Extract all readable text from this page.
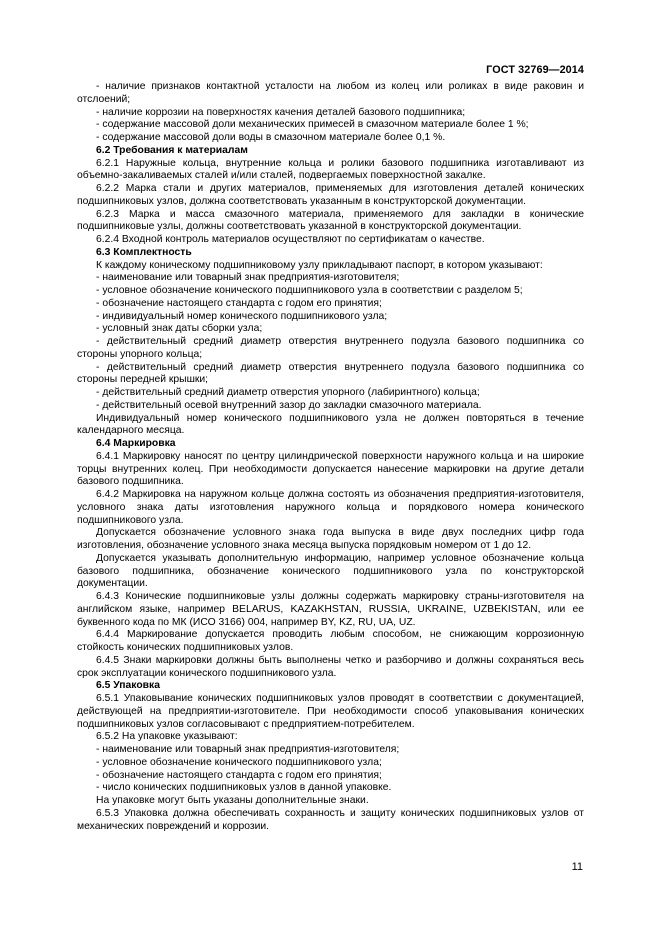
ГОСТ 32769—2014

- наличие признаков контактной усталости на любом из колец или роликах в виде раковин и отслоений;

- наличие коррозии на поверхностях качения деталей базового подшипника;

- содержание массовой доли механических примесей в смазочном материале более 1 %;

- содержание массовой доли воды в смазочном материале более 0,1 %.

6.2 Требования к материалам

6.2.1 Наружные кольца, внутренние кольца и ролики базового подшипника изготавливают из объемно-закаливаемых сталей и/или сталей, подвергаемых поверхностной закалке.

6.2.2 Марка стали и других материалов, применяемых для изготовления деталей конических подшипниковых узлов, должна соответствовать указанным в конструкторской документации.

6.2.3 Марка и масса смазочного материала, применяемого для закладки в конические подшипниковые узлы, должны соответствовать указанной в конструкторской документации.

6.2.4 Входной контроль материалов осуществляют по сертификатам о качестве.

6.3 Комплектность

К каждому коническому подшипниковому узлу прикладывают паспорт, в котором указывают:

- наименование или товарный знак предприятия-изготовителя;

- условное обозначение конического подшипникового узла в соответствии с разделом 5;

- обозначение настоящего стандарта с годом его принятия;

- индивидуальный номер конического подшипникового узла;

- условный знак даты сборки узла;

- действительный средний диаметр отверстия внутреннего подузла базового подшипника со стороны упорного кольца;

- действительный средний диаметр отверстия внутреннего подузла базового подшипника со стороны передней крышки;

- действительный средний диаметр отверстия упорного (лабиринтного) кольца;

- действительный осевой внутренний зазор до закладки смазочного материала.

Индивидуальный номер конического подшипникового узла не должен повторяться в течение календарного месяца.

6.4 Маркировка

6.4.1 Маркировку наносят по центру цилиндрической поверхности наружного кольца и на широкие торцы внутренних колец. При необходимости допускается нанесение маркировки на другие детали базового подшипника.

6.4.2 Маркировка на наружном кольце должна состоять из обозначения предприятия-изготовителя, условного знака даты изготовления наружного кольца и порядкового номера конического подшипникового узла.

Допускается обозначение условного знака года выпуска в виде двух последних цифр года изготовления, обозначение условного знака месяца выпуска порядковым номером от 1 до 12.

Допускается указывать дополнительную информацию, например условное обозначение кольца базового подшипника, обозначение конического подшипникового узла по конструкторской документации.

6.4.3 Конические подшипниковые узлы должны содержать маркировку страны-изготовителя на английском языке, например BELARUS, KAZAKHSTAN, RUSSIA, UKRAINE, UZBEKISTAN, или ее буквенного кода по МК (ИСО 3166) 004, например BY, KZ, RU, UA, UZ.

6.4.4 Маркирование допускается проводить любым способом, не снижающим коррозионную стойкость конических подшипниковых узлов.

6.4.5 Знаки маркировки должны быть выполнены четко и разборчиво и должны сохраняться весь срок эксплуатации конического подшипникового узла.

6.5 Упаковка

6.5.1 Упаковывание конических подшипниковых узлов проводят в соответствии с документацией, действующей на предприятии-изготовителе. При необходимости способ упаковывания конических подшипниковых узлов согласовывают с предприятием-потребителем.

6.5.2 На упаковке указывают:

- наименование или товарный знак предприятия-изготовителя;

- условное обозначение конического подшипникового узла;

- обозначение настоящего стандарта с годом его принятия;

- число конических подшипниковых узлов в данной упаковке.

На упаковке могут быть указаны дополнительные знаки.

6.5.3 Упаковка должна обеспечивать сохранность и защиту конических подшипниковых узлов от механических повреждений и коррозии.

11
